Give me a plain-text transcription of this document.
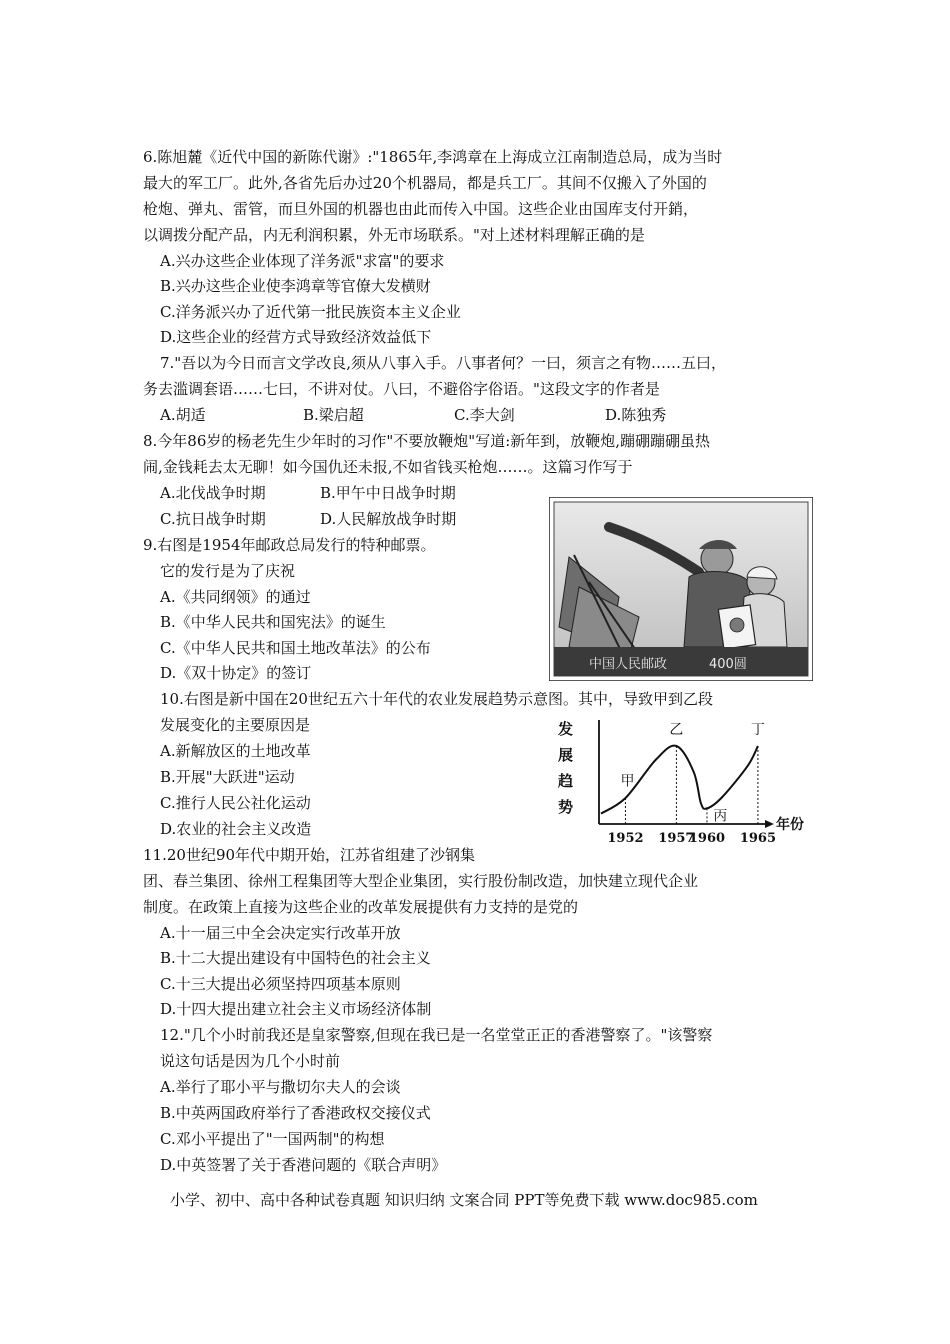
6.陈旭麓《近代中国的新陈代谢》:"1865年,李鸿章在上海成立江南制造总局，成为当时
最大的军工厂。此外,各省先后办过20个机器局，都是兵工厂。其间不仅搬入了外国的
枪炮、弹丸、雷管，而旦外国的机器也由此而传入中国。这些企业由国库支付开銷，
以调拨分配产品，内无利润积累，外无市场联系。"对上述材料理解正确的是
A.兴办这些企业体现了洋务派"求富"的要求
B.兴办这些企业使李鸿章等官僚大发横财
C.洋务派兴办了近代第一批民族资本主义企业
D.这些企业的经营方式导致经济效益低下
7."吾以为今日而言文学改良,须从八事入手。八事者何？一曰，须言之有物……五曰，
务去滥调套语……七曰，不讲对仗。八曰，不避俗字俗语。"这段文字的作者是
A.胡适	B.梁启超	C.李大剑	D.陈独秀
8.今年86岁的杨老先生少年时的习作"不要放鞭炮"写道:新年到，放鞭炮,蹦硼蹦硼虽热
闹,金钱耗去太无聊！如今国仇还未报,不如省钱买枪炮……。这篇习作写于
A.北伐战争时期	B.甲午中日战争时期
C.抗日战争时期	D.人民解放战争时期
9.右图是1954年邮政总局发行的特种邮票。
它的发行是为了庆祝
A.《共同纲领》的通过
B.《中华人民共和国宪法》的诞生
C.《中华人民共和国土地改革法》的公布
D.《双十协定》的签订	中国人民邮政	400圆
10.右图是新中国在20世纪五六十年代的农业发展趋势示意图。其中，导致甲到乙段
发展变化的主要原因是
A.新解放区的土地改革
B.开展"大跃进"运动
C.推行人民公社化运动
D.农业的社会主义改造
发
展
趋
势
年份
1952 1957
1960 1965
甲
乙
丙
丁
11.20世纪90年代中期开始，江苏省组建了沙钢集
团、春兰集团、徐州工程集团等大型企业集团，实行股份制改造，加快建立现代企业
制度。在政策上直接为这些企业的改革发展提供有力支持的是党的
A.十一届三中全会决定实行改革开放
B.十二大提出建设有中国特色的社会主义
C.十三大提出必须坚持四项基本原则
D.十四大提出建立社会主义市场经济体制
12."几个小时前我还是皇家警察,但现在我已是一名堂堂正正的香港警察了。"该警察
说这句话是因为几个小时前
A.举行了耶小平与撒切尔夫人的会谈
B.中英两国政府举行了香港政权交接仪式
C.邓小平提出了"一国两制"的构想
D.中英签署了关于香港问题的《联合声明》
小学、初中、高中各种试卷真题 知识归纳 文案合同 PPT等免费下载 www.doc985.com
